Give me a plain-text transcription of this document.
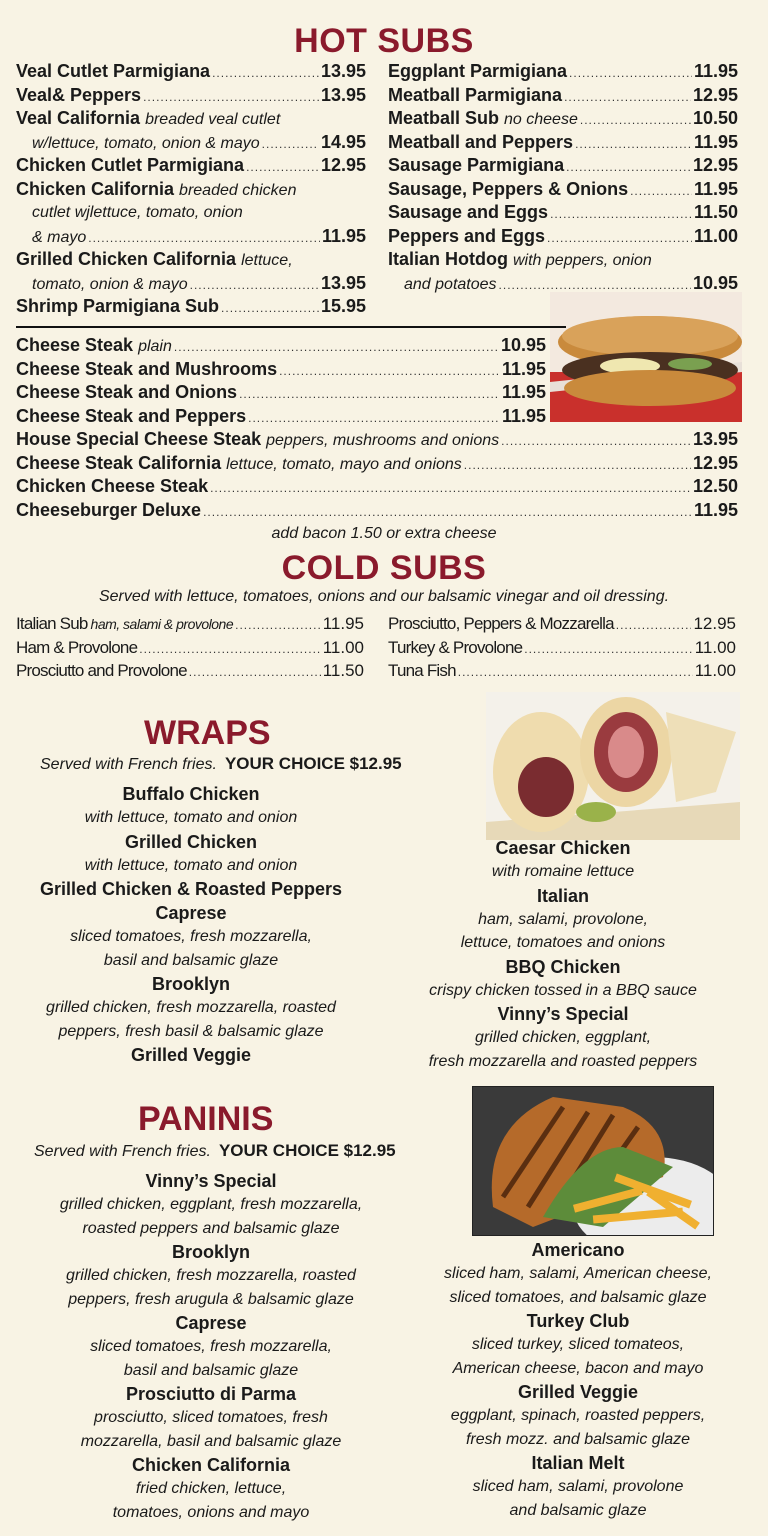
HOT SUBS
Veal Cutlet Parmigiana .....	13.95
Veal& Peppers .....	13.95
Veal California breaded veal cutlet
w/lettuce, tomato, onion & mayo .....	14.95
Chicken Cutlet Parmigiana .....	12.95
Chicken California breaded chicken
cutlet wjlettuce, tomato, onion
& mayo .....	11.95
Grilled Chicken California lettuce,
tomato, onion & mayo .....	13.95
Shrimp Parmigiana Sub .....	15.95
Eggplant Parmigiana .....	11.95
Meatball Parmigiana .....	12.95
Meatball Sub no cheese .....	10.50
Meatball and Peppers .....	11.95
Sausage Parmigiana .....	12.95
Sausage, Peppers & Onions .....	11.95
Sausage and Eggs .....	11.50
Peppers and Eggs .....	11.00
Italian Hotdog with peppers, onion
and potatoes .....	10.95
Cheese Steak plain .....	10.95
Cheese Steak and Mushrooms .....	11.95
Cheese Steak and Onions .....	11.95
Cheese Steak and Peppers .....	11.95
House Special Cheese Steak peppers, mushrooms and onions .....	13.95
Cheese Steak California lettuce, tomato, mayo and onions .....	12.95
Chicken Cheese Steak .....	12.50
Cheeseburger Deluxe .....	11.95

add bacon 1.50 or extra cheese

COLD SUBS

Served with lettuce, tomatoes, onions and our balsamic vinegar and oil dressing.

Italian Sub ham, salami & provolone .....	11.95
Ham & Provolone .....	11.00
Prosciutto and Provolone .....	11.50
Prosciutto, Peppers & Mozzarella .....	12.95
Turkey & Provolone .....	11.00
Tuna Fish .....	11.00
WRAPS
Served with French fries. YOUR CHOICE $12.95
Buffalo Chicken
with lettuce, tomato and onion
Grilled Chicken
with lettuce, tomato and onion
Grilled Chicken & Roasted Peppers
Caprese
sliced tomatoes, fresh mozzarella,
basil and balsamic glaze
Brooklyn
grilled chicken, fresh mozzarella, roasted
peppers, fresh basil & balsamic glaze
Grilled Veggie
Caesar Chicken
with romaine lettuce
Italian
ham, salami, provolone,
lettuce, tomatoes and onions
BBQ Chicken
crispy chicken tossed in a BBQ sauce
Vinny’s Special
grilled chicken, eggplant,
fresh mozzarella and roasted peppers
PANINIS
Served with French fries. YOUR CHOICE $12.95
Vinny’s Special
grilled chicken, eggplant, fresh mozzarella,
roasted peppers and balsamic glaze
Brooklyn
grilled chicken, fresh mozzarella, roasted
peppers, fresh arugula & balsamic glaze
Caprese
sliced tomatoes, fresh mozzarella,
basil and balsamic glaze
Prosciutto di Parma
prosciutto, sliced tomatoes, fresh
mozzarella, basil and balsamic glaze
Chicken California
fried chicken, lettuce,
tomatoes, onions and mayo
Americano
sliced ham, salami, American cheese,
sliced tomatoes, and balsamic glaze
Turkey Club
sliced turkey, sliced tomateos,
American cheese, bacon and mayo
Grilled Veggie
eggplant, spinach, roasted peppers,
fresh mozz. and balsamic glaze
Italian Melt
sliced ham, salami, provolone
and balsamic glaze
